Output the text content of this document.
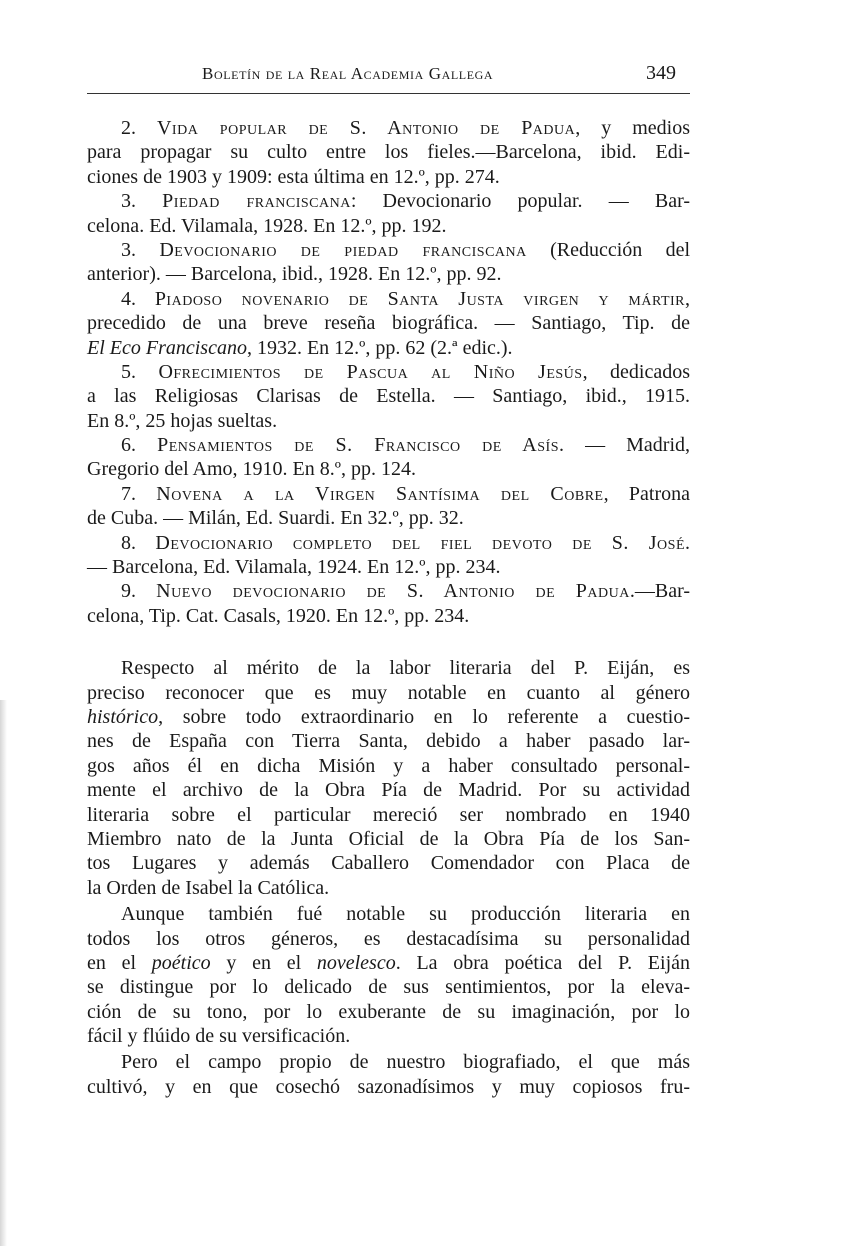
Boletín de la Real Academia Gallega	349
2. Vida popular de S. Antonio de Padua, y medios
para propagar su culto entre los fieles.—Barcelona, ibid. Edi-
ciones de 1903 y 1909: esta última en 12.º, pp. 274.
3. Piedad franciscana: Devocionario popular. — Bar-
celona. Ed. Vilamala, 1928. En 12.º, pp. 192.
3. Devocionario de piedad franciscana (Reducción del
anterior). — Barcelona, ibid., 1928. En 12.º, pp. 92.
4. Piadoso novenario de Santa Justa virgen y mártir,
precedido de una breve reseña biográfica. — Santiago, Tip. de
El Eco Franciscano, 1932. En 12.º, pp. 62 (2.ª edic.).
5. Ofrecimientos de Pascua al Niño Jesús, dedicados
a las Religiosas Clarisas de Estella. — Santiago, ibid., 1915.
En 8.º, 25 hojas sueltas.
6. Pensamientos de S. Francisco de Asís. — Madrid,
Gregorio del Amo, 1910. En 8.º, pp. 124.
7. Novena a la Virgen Santísima del Cobre, Patrona
de Cuba. — Milán, Ed. Suardi. En 32.º, pp. 32.
8. Devocionario completo del fiel devoto de S. José.
— Barcelona, Ed. Vilamala, 1924. En 12.º, pp. 234.
9. Nuevo devocionario de S. Antonio de Padua.—Bar-
celona, Tip. Cat. Casals, 1920. En 12.º, pp. 234.
Respecto al mérito de la labor literaria del P. Eiján, es
preciso reconocer que es muy notable en cuanto al género
histórico, sobre todo extraordinario en lo referente a cuestio-
nes de España con Tierra Santa, debido a haber pasado lar-
gos años él en dicha Misión y a haber consultado personal-
mente el archivo de la Obra Pía de Madrid. Por su actividad
literaria sobre el particular mereció ser nombrado en 1940
Miembro nato de la Junta Oficial de la Obra Pía de los San-
tos Lugares y además Caballero Comendador con Placa de
la Orden de Isabel la Católica.
Aunque también fué notable su producción literaria en
todos los otros géneros, es destacadísima su personalidad
en el poético y en el novelesco. La obra poética del P. Eiján
se distingue por lo delicado de sus sentimientos, por la eleva-
ción de su tono, por lo exuberante de su imaginación, por lo
fácil y flúido de su versificación.
Pero el campo propio de nuestro biografiado, el que más
cultivó, y en que cosechó sazonadísimos y muy copiosos fru-
